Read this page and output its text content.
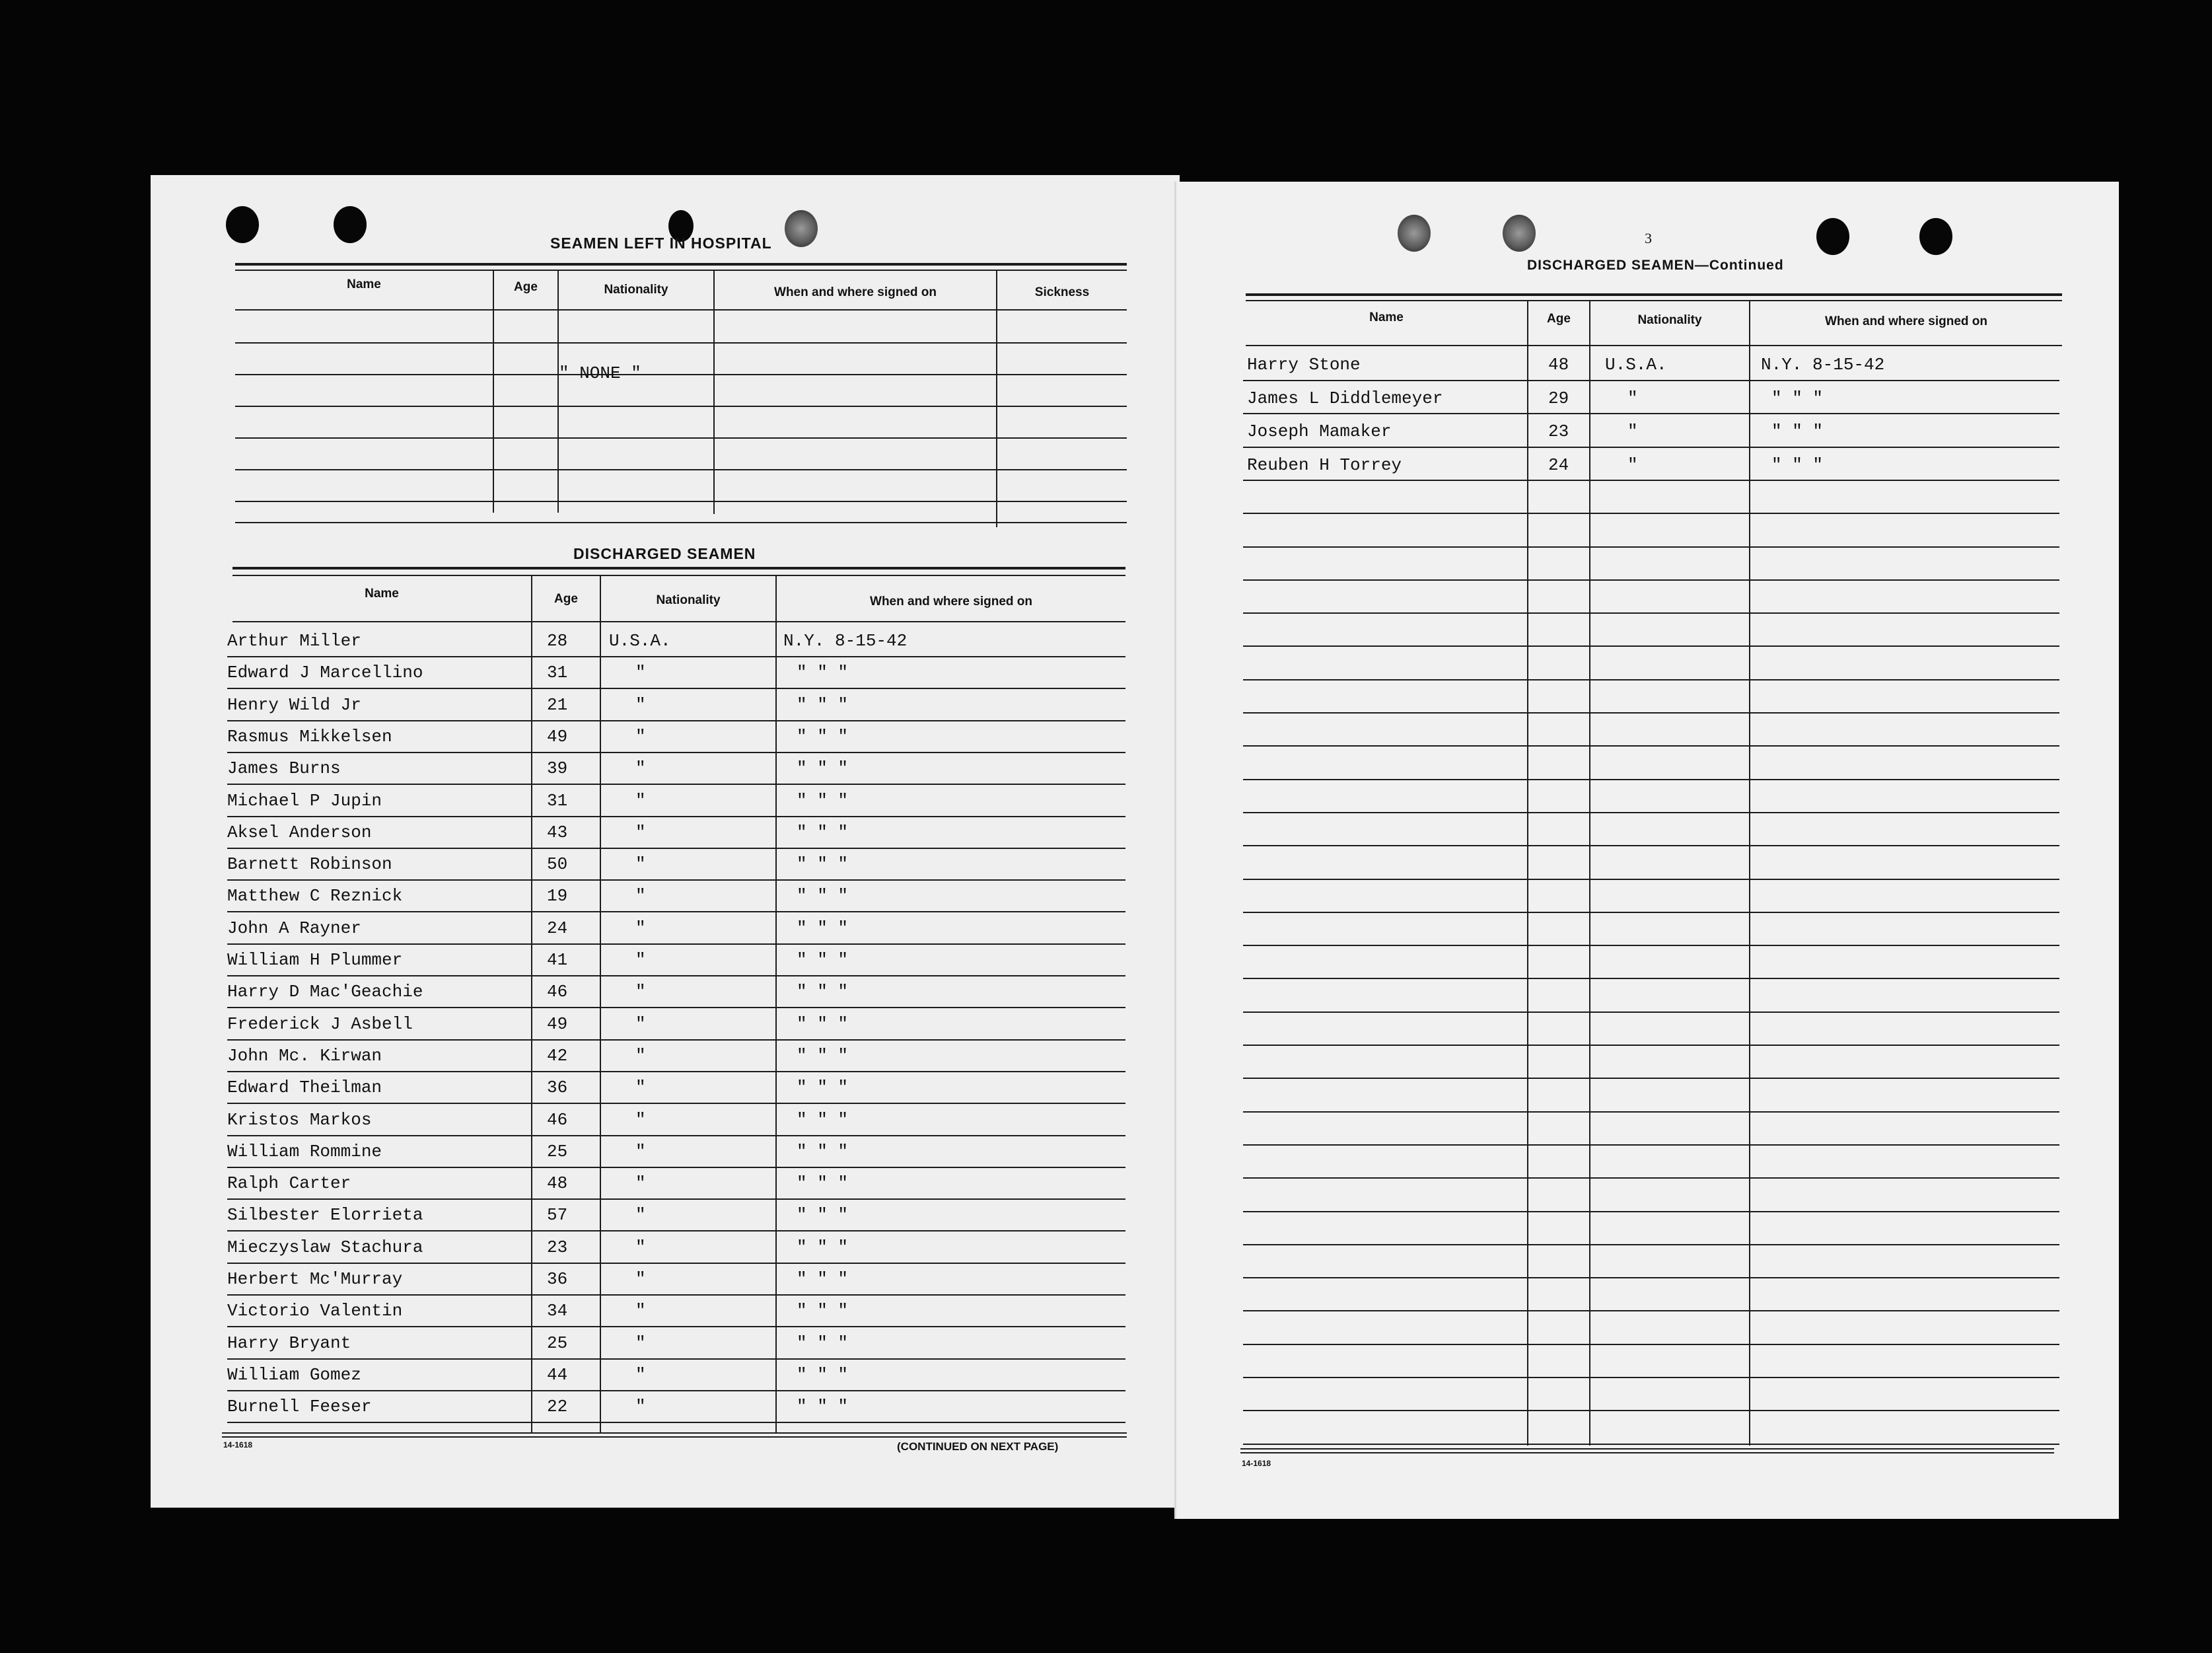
SEAMEN LEFT IN HOSPITAL
Name	Age	Nationality	When and where signed on	Sickness
" NONE "
DISCHARGED SEAMEN
Name	Age	Nationality	When and where signed on
Arthur Miller	28 U.S.A.	N.Y. 8-15-42
Edward J Marcellino	31	"	" " "
Henry Wild Jr	21	"	" " "
Rasmus Mikkelsen	49	"	" " "
James Burns	39	"	" " "
Michael P Jupin	31	"	" " "
Aksel Anderson	43	"	" " "
Barnett Robinson	50	"	" " "
Matthew C Reznick	19	"	" " "
John A Rayner	24	"	" " "
William H Plummer	41	"	" " "
Harry D Mac'Geachie	46	"	" " "
Frederick J Asbell	49	"	" " "
John Mc. Kirwan	42	"	" " "
Edward Theilman	36	"	" " "
Kristos Markos	46	"	" " "
William Rommine	25	"	" " "
Ralph Carter	48	"	" " "
Silbester Elorrieta	57	"	" " "
Mieczyslaw Stachura	23	"	" " "
Herbert Mc'Murray	36	"	" " "
Victorio Valentin	34	"	" " "
Harry Bryant	25	"	" " "
William Gomez	44	"	" " "
Burnell Feeser	22	"	" " "
14-1618	(CONTINUED ON NEXT PAGE)
3
DISCHARGED SEAMEN—Continued
Name	Age	Nationality	When and where signed on
Harry Stone	48 U.S.A.	N.Y. 8-15-42
James L Diddlemeyer	29	"	" " "
Joseph Mamaker	23	"	" " "
Reuben H Torrey	24	"	" " "
14-1618
